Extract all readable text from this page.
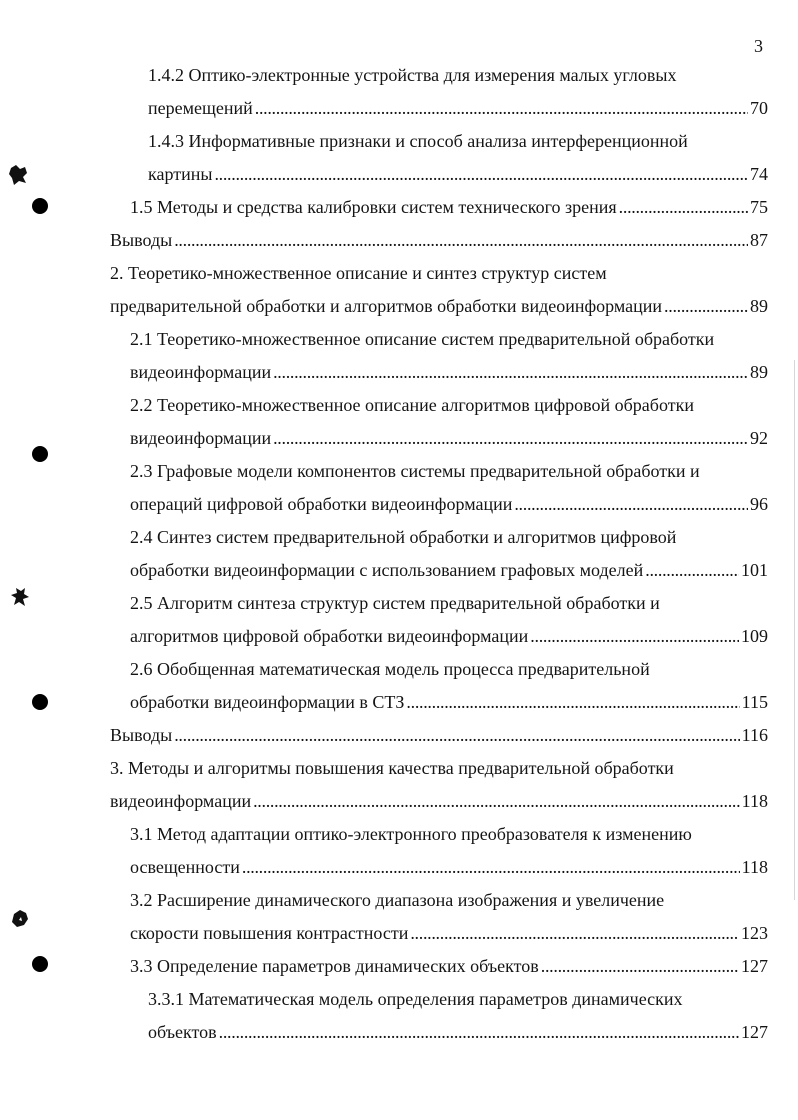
3
1.4.2 Оптико-электронные устройства для измерения малых угловых
перемещений . . .	70
1.4.3 Информативные признаки и способ анализа интерференционной
картины . . .	74
1.5 Методы и средства калибровки систем технического зрения . . .	75
Выводы . . .	87
2. Теоретико-множественное описание и синтез структур систем
предварительной обработки и алгоритмов обработки видеоинформации . . .	89
2.1 Теоретико-множественное описание систем предварительной обработки
видеоинформации . . .	89
2.2 Теоретико-множественное описание алгоритмов цифровой обработки
видеоинформации . . .	92
2.3 Графовые модели компонентов системы предварительной обработки и
операций цифровой обработки видеоинформации . . .	96
2.4 Синтез систем предварительной обработки и алгоритмов цифровой
обработки видеоинформации с использованием графовых моделей . . .	101
2.5 Алгоритм синтеза структур систем предварительной обработки и
алгоритмов цифровой обработки видеоинформации . . .	109
2.6 Обобщенная математическая модель процесса предварительной
обработки видеоинформации в СТЗ . . .	115
Выводы . . .	116
3. Методы и алгоритмы повышения качества предварительной обработки
видеоинформации . . .	118
3.1 Метод адаптации оптико-электронного преобразователя к изменению
освещенности . . .	118
3.2 Расширение динамического диапазона изображения и увеличение
скорости повышения контрастности . . .	123
3.3 Определение параметров динамических объектов . . .	127
3.3.1 Математическая модель определения параметров динамических
объектов . . .	127
